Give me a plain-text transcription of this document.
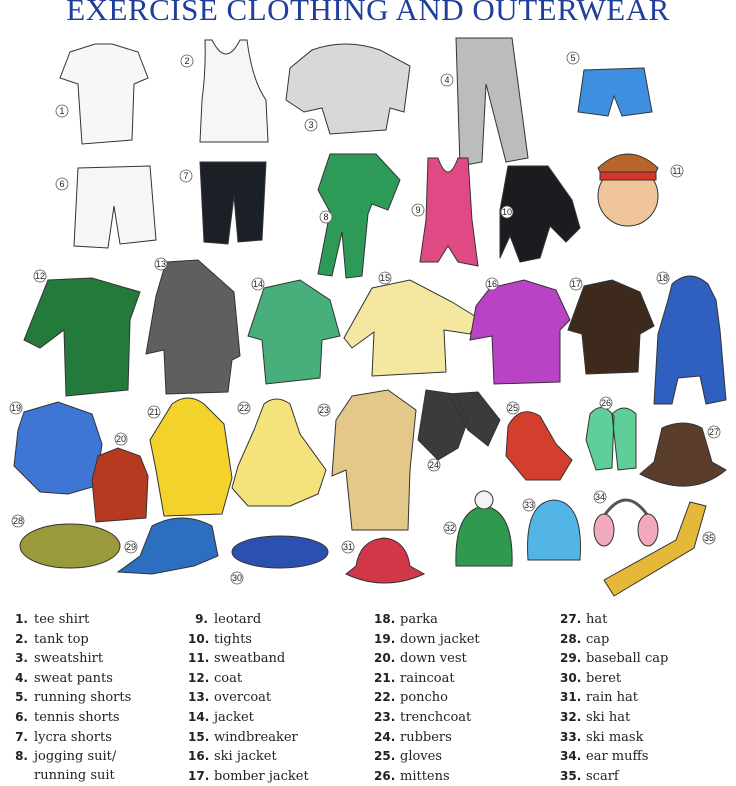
EXERCISE CLOTHING AND OUTERWEAR
1
2
3
4
5
6
7
8
9	10
11
12
13
14
15
16	17
18
19
20
21	22	23
24
25	26
27
28
29
30
31
32
33
34
35
1. tee shirt
2. tank top
3. sweatshirt
4. sweat pants
5. running shorts
6. tennis shorts
7. lycra shorts
8. jogging suit/
running suit
9. leotard
10. tights
11. sweatband
12. coat
13. overcoat
14. jacket
15. windbreaker
16. ski jacket
17. bomber jacket
18. parka
19. down jacket
20. down vest
21. raincoat
22. poncho
23. trenchcoat
24. rubbers
25. gloves
26. mittens
27. hat
28. cap
29. baseball cap
30. beret
31. rain hat
32. ski hat
33. ski mask
34. ear muffs
35. scarf
